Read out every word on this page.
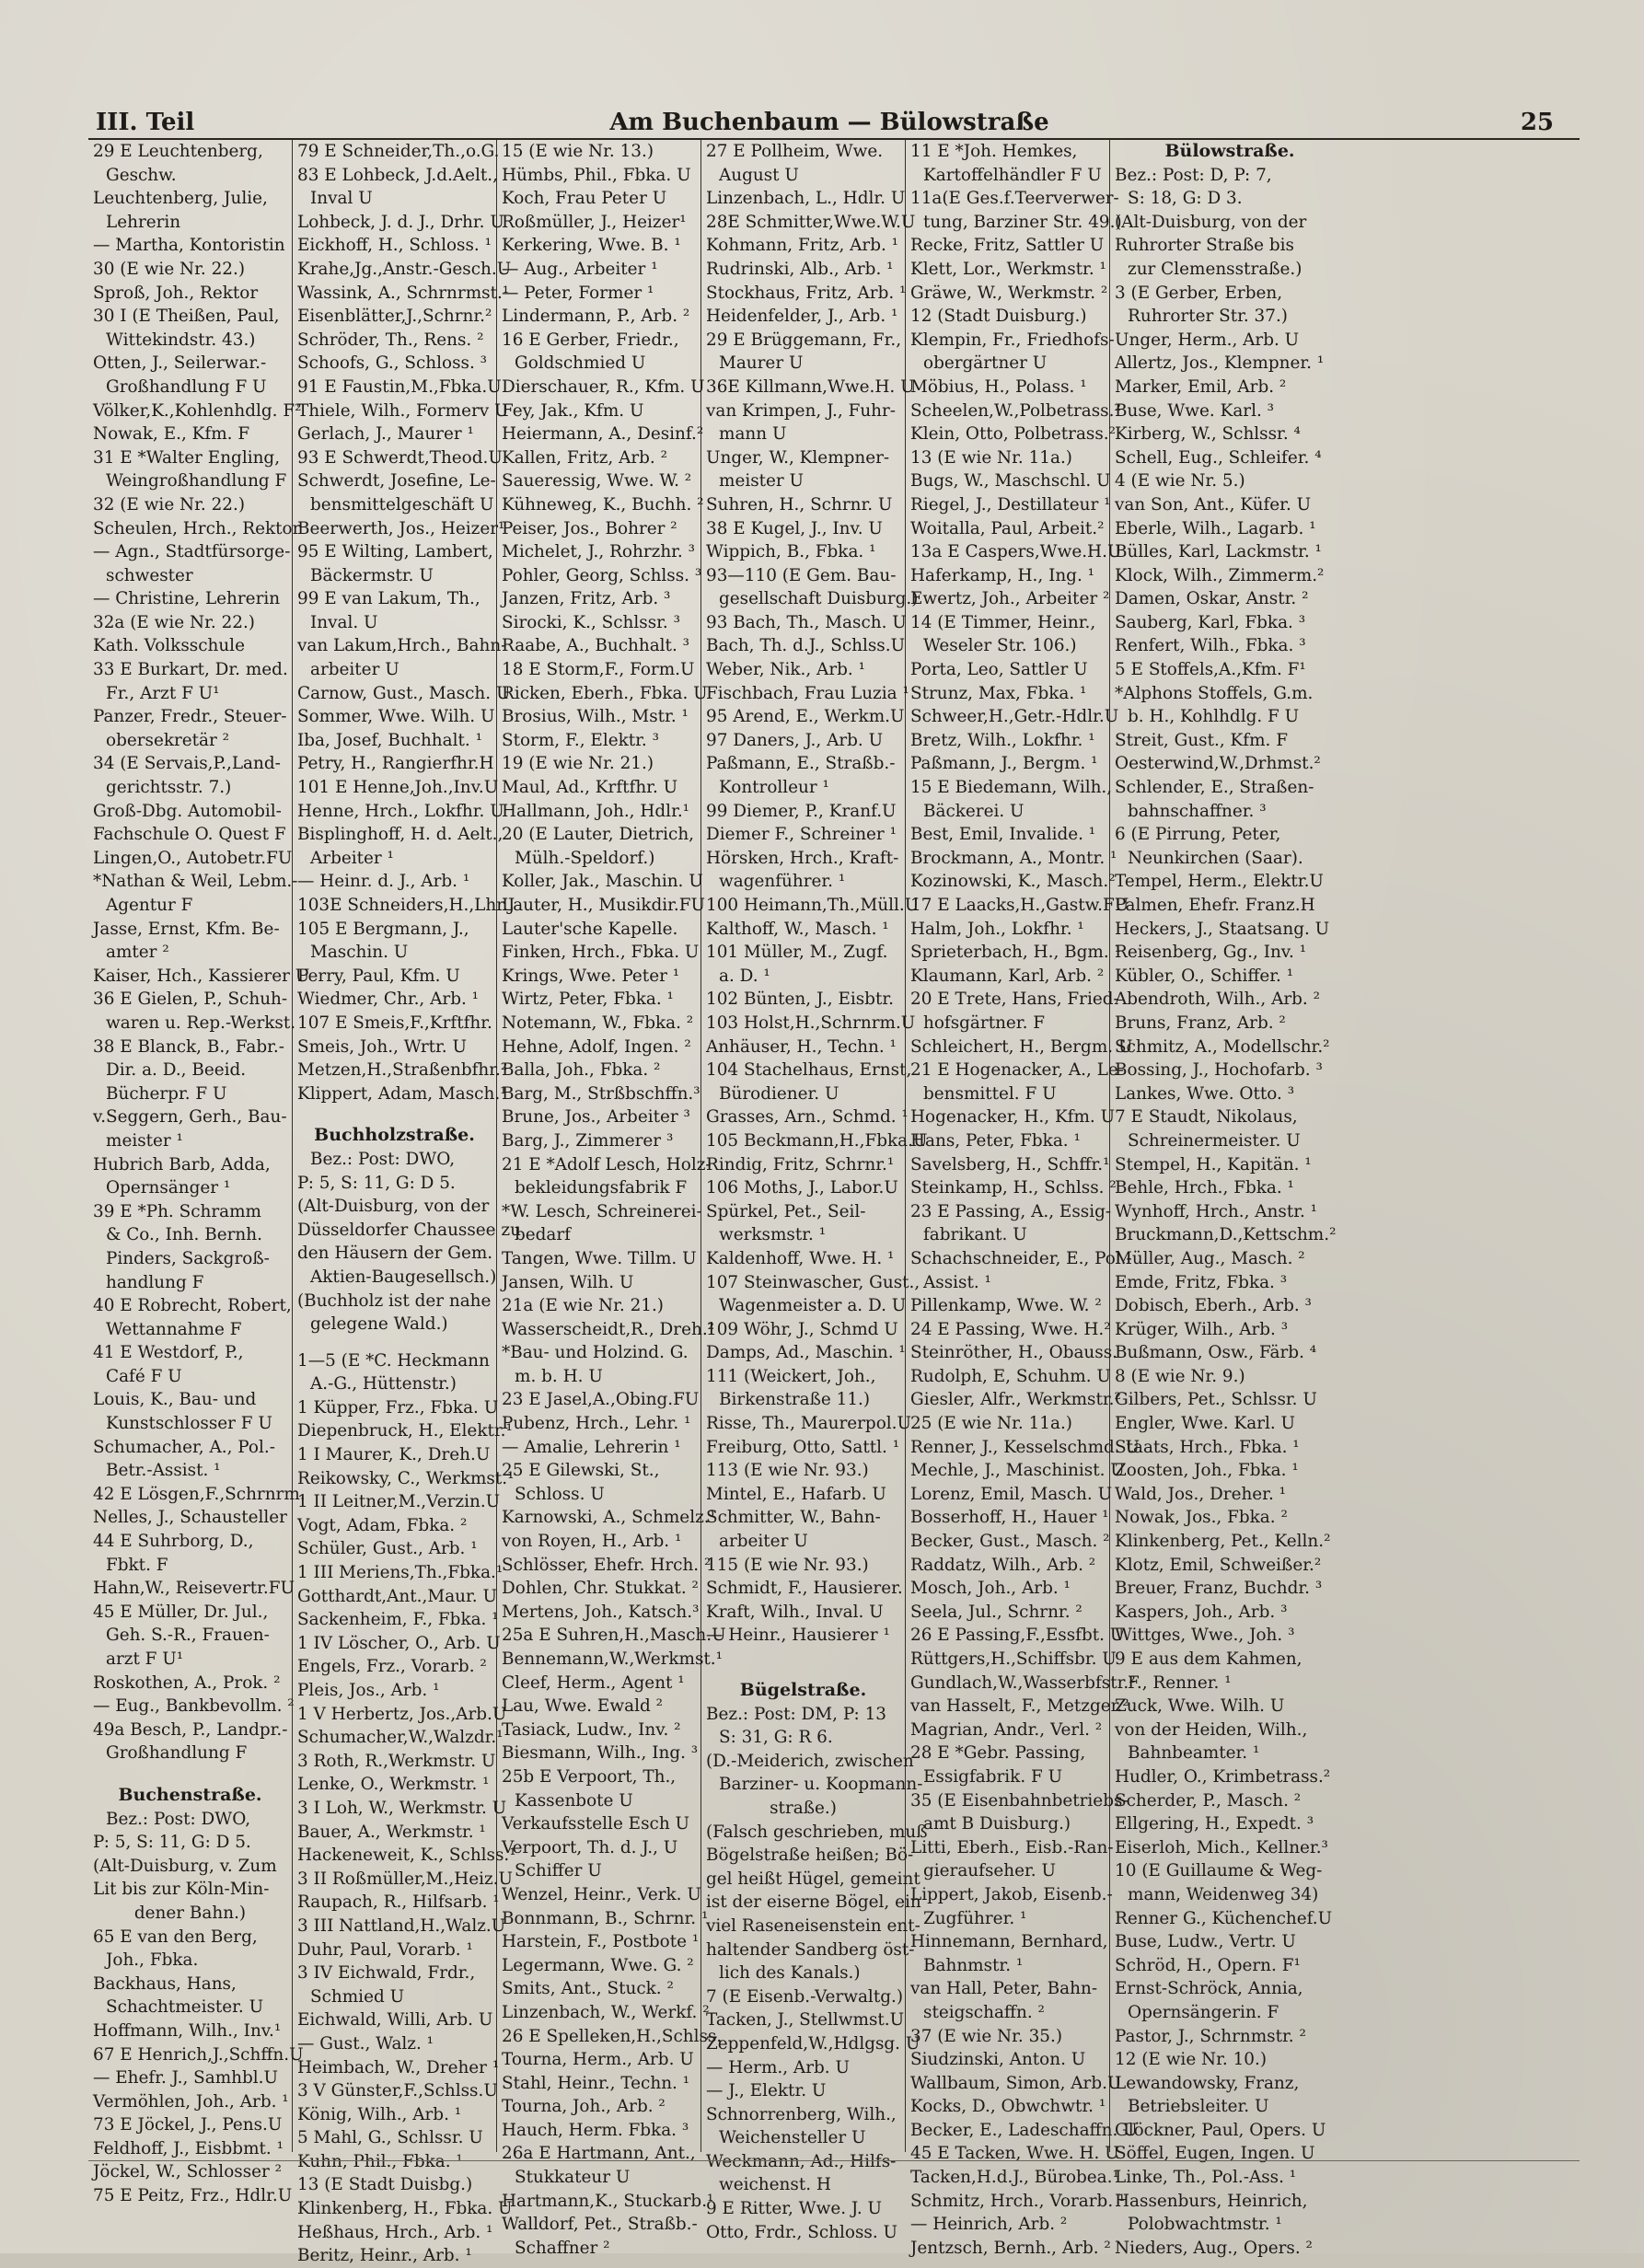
III. Teil	Am Buchenbaum — Bülowstraße	25
29 E Leuchtenberg,
Geschw.
Leuchtenberg, Julie,
Lehrerin
— Martha, Kontoristin
30 (E wie Nr. 22.)
Sproß, Joh., Rektor
30 I (E Theißen, Paul,
Wittekindstr. 43.)
Otten, J., Seilerwar.-
Großhandlung F U
Völker,K.,Kohlenhdlg. F²
Nowak, E., Kfm. F
31 E *Walter Engling,
Weingroßhandlung F
32 (E wie Nr. 22.)
Scheulen, Hrch., Rektor
— Agn., Stadtfürsorge-
schwester
— Christine, Lehrerin
32a (E wie Nr. 22.)
Kath. Volksschule
33 E Burkart, Dr. med.
Fr., Arzt F U¹
Panzer, Fredr., Steuer-
obersekretär ²
34 (E Servais,P.,Land-
gerichtsstr. 7.)
Groß-Dbg. Automobil-
Fachschule O. Quest F
Lingen,O., Autobetr.FU
*Nathan & Weil, Lebm.-
Agentur F
Jasse, Ernst, Kfm. Be-
amter ²
Kaiser, Hch., Kassierer U
36 E Gielen, P., Schuh-
waren u. Rep.-Werkst.
38 E Blanck, B., Fabr.-
Dir. a. D., Beeid.
Bücherpr. F U
v.Seggern, Gerh., Bau-
meister ¹
Hubrich Barb, Adda,
Opernsänger ¹
39 E *Ph. Schramm
& Co., Inh. Bernh.
Pinders, Sackgroß-
handlung F
40 E Robrecht, Robert,
Wettannahme F
41 E Westdorf, P.,
Café F U
Louis, K., Bau- und
Kunstschlosser F U
Schumacher, A., Pol.-
Betr.-Assist. ¹
42 E Lösgen,F.,Schrnrm.
Nelles, J., Schausteller
44 E Suhrborg, D.,
Fbkt. F
Hahn,W., Reisevertr.FU
45 E Müller, Dr. Jul.,
Geh. S.-R., Frauen-
arzt F U¹
Roskothen, A., Prok. ²
— Eug., Bankbevollm. ²
49a Besch, P., Landpr.-
Großhandlung F
Buchenstraße.
Bez.: Post: DWO,
P: 5, S: 11, G: D 5.
(Alt-Duisburg, v. Zum
Lit bis zur Köln-Min-
dener Bahn.)
65 E van den Berg,
Joh., Fbka.
Backhaus, Hans,
Schachtmeister. U
Hoffmann, Wilh., Inv.¹
67 E Henrich,J.,Schffn.U
— Ehefr. J., Samhbl.U
Vermöhlen, Joh., Arb. ¹
73 E Jöckel, J., Pens.U
Feldhoff, J., Eisbbmt. ¹
Jöckel, W., Schlosser ²
75 E Peitz, Frz., Hdlr.U
79 E Schneider,Th.,o.G.
83 E Lohbeck, J.d.Aelt.,
Inval U
Lohbeck, J. d. J., Drhr. U
Eickhoff, H., Schloss. ¹
Krahe,Jg.,Anstr.-Gesch.U
Wassink, A., Schrnrmst.¹
Eisenblätter,J.,Schrnr.²
Schröder, Th., Rens. ²
Schoofs, G., Schloss. ³
91 E Faustin,M.,Fbka.U
Thiele, Wilh., Formerv U
Gerlach, J., Maurer ¹
93 E Schwerdt,Theod.U
Schwerdt, Josefine, Le-
bensmittelgeschäft U
Beerwerth, Jos., Heizer¹
95 E Wilting, Lambert,
Bäckermstr. U
99 E van Lakum, Th.,
Inval. U
van Lakum,Hrch., Bahn-
arbeiter U
Carnow, Gust., Masch. U
Sommer, Wwe. Wilh. U
Iba, Josef, Buchhalt. ¹
Petry, H., Rangierfhr.H
101 E Henne,Joh.,Inv.U
Henne, Hrch., Lokfhr. U
Bisplinghoff, H. d. Aelt.,
Arbeiter ¹
— Heinr. d. J., Arb. ¹
103E Schneiders,H.,Lhr.J
105 E Bergmann, J.,
Maschin. U
Perry, Paul, Kfm. U
Wiedmer, Chr., Arb. ¹
107 E Smeis,F.,Krftfhr.
Smeis, Joh., Wrtr. U
Metzen,H.,Straßenbfhr.²
Klippert, Adam, Masch.¹
Buchholzstraße.
Bez.: Post: DWO,
P: 5, S: 11, G: D 5.
(Alt-Duisburg, von der
Düsseldorfer Chaussee zu
den Häusern der Gem.
Aktien-Baugesellsch.)
(Buchholz ist der nahe
gelegene Wald.)
1—5 (E *C. Heckmann
A.-G., Hüttenstr.)
1 Küpper, Frz., Fbka. U
Diepenbruck, H., Elektr.¹
1 I Maurer, K., Dreh.U
Reikowsky, C., Werkmst.¹
1 II Leitner,M.,Verzin.U
Vogt, Adam, Fbka. ²
Schüler, Gust., Arb. ¹
1 III Meriens,Th.,Fbka.¹
Gotthardt,Ant.,Maur. U
Sackenheim, F., Fbka. ¹
1 IV Löscher, O., Arb. U
Engels, Frz., Vorarb. ²
Pleis, Jos., Arb. ¹
1 V Herbertz, Jos.,Arb.U
Schumacher,W.,Walzdr.¹
3 Roth, R.,Werkmstr. U
Lenke, O., Werkmstr. ¹
3 I Loh, W., Werkmstr. U
Bauer, A., Werkmstr. ¹
Hackeneweit, K., Schlss.¹
3 II Roßmüller,M.,Heiz.U
Raupach, R., Hilfsarb. ¹
3 III Nattland,H.,Walz.U
Duhr, Paul, Vorarb. ¹
3 IV Eichwald, Frdr.,
Schmied U
Eichwald, Willi, Arb. U
— Gust., Walz. ¹
Heimbach, W., Dreher ¹
3 V Günster,F.,Schlss.U
König, Wilh., Arb. ¹
5 Mahl, G., Schlssr. U
Kuhn, Phil., Fbka. ¹
13 (E Stadt Duisbg.)
Klinkenberg, H., Fbka. U
Heßhaus, Hrch., Arb. ¹
Beritz, Heinr., Arb. ¹
15 (E wie Nr. 13.)
Hümbs, Phil., Fbka. U
Koch, Frau Peter U
Roßmüller, J., Heizer¹
Kerkering, Wwe. B. ¹
— Aug., Arbeiter ¹
— Peter, Former ¹
Lindermann, P., Arb. ²
16 E Gerber, Friedr.,
Goldschmied U
Dierschauer, R., Kfm. U
Fey, Jak., Kfm. U
Heiermann, A., Desinf.²
Kallen, Fritz, Arb. ²
Saueressig, Wwe. W. ²
Kühneweg, K., Buchh. ²
Peiser, Jos., Bohrer ²
Michelet, J., Rohrzhr. ³
Pohler, Georg, Schlss. ³
Janzen, Fritz, Arb. ³
Sirocki, K., Schlssr. ³
Raabe, A., Buchhalt. ³
18 E Storm,F., Form.U
Ricken, Eberh., Fbka. U
Brosius, Wilh., Mstr. ¹
Storm, F., Elektr. ³
19 (E wie Nr. 21.)
Maul, Ad., Krftfhr. U
Hallmann, Joh., Hdlr.¹
20 (E Lauter, Dietrich,
Mülh.-Speldorf.)
Koller, Jak., Maschin. U
Lauter, H., Musikdir.FU
Lauter'sche Kapelle.
Finken, Hrch., Fbka. U
Krings, Wwe. Peter ¹
Wirtz, Peter, Fbka. ¹
Notemann, W., Fbka. ²
Hehne, Adolf, Ingen. ²
Balla, Joh., Fbka. ²
Barg, M., Strßbschffn.³
Brune, Jos., Arbeiter ³
Barg, J., Zimmerer ³
21 E *Adolf Lesch, Holz-
bekleidungsfabrik F
*W. Lesch, Schreinerei-
bedarf
Tangen, Wwe. Tillm. U
Jansen, Wilh. U
21a (E wie Nr. 21.)
Wasserscheidt,R., Dreh.²
*Bau- und Holzind. G.
m. b. H. U
23 E Jasel,A.,Obing.FU
Pubenz, Hrch., Lehr. ¹
— Amalie, Lehrerin ¹
25 E Gilewski, St.,
Schloss. U
Karnowski, A., Schmelz.¹
von Royen, H., Arb. ¹
Schlösser, Ehefr. Hrch. ²
Dohlen, Chr. Stukkat. ²
Mertens, Joh., Katsch.³
25a E Suhren,H.,Masch.U
Bennemann,W.,Werkmst.¹
Cleef, Herm., Agent ¹
Lau, Wwe. Ewald ²
Tasiack, Ludw., Inv. ²
Biesmann, Wilh., Ing. ³
25b E Verpoort, Th.,
Kassenbote U
Verkaufsstelle Esch U
Verpoort, Th. d. J., U
Schiffer U
Wenzel, Heinr., Verk. U
Bonnmann, B., Schrnr. ¹
Harstein, F., Postbote ¹
Legermann, Wwe. G. ²
Smits, Ant., Stuck. ²
Linzenbach, W., Werkf. ²
26 E Spelleken,H.,Schlss.
Tourna, Herm., Arb. U
Stahl, Heinr., Techn. ¹
Tourna, Joh., Arb. ²
Hauch, Herm. Fbka. ³
26a E Hartmann, Ant.,
Stukkateur U
Hartmann,K., Stuckarb.¹
Walldorf, Pet., Straßb.-
Schaffner ²
27 E Pollheim, Wwe.
August U
Linzenbach, L., Hdlr. U
28E Schmitter,Wwe.W.U
Kohmann, Fritz, Arb. ¹
Rudrinski, Alb., Arb. ¹
Stockhaus, Fritz, Arb. ¹
Heidenfelder, J., Arb. ¹
29 E Brüggemann, Fr.,
Maurer U
36E Killmann,Wwe.H. U
van Krimpen, J., Fuhr-
mann U
Unger, W., Klempner-
meister U
Suhren, H., Schrnr. U
38 E Kugel, J., Inv. U
Wippich, B., Fbka. ¹
93—110 (E Gem. Bau-
gesellschaft Duisburg.)
93 Bach, Th., Masch. U
Bach, Th. d.J., Schlss.U
Weber, Nik., Arb. ¹
Fischbach, Frau Luzia ¹
95 Arend, E., Werkm.U
97 Daners, J., Arb. U
Paßmann, E., Straßb.-
Kontrolleur ¹
99 Diemer, P., Kranf.U
Diemer F., Schreiner ¹
Hörsken, Hrch., Kraft-
wagenführer. ¹
100 Heimann,Th.,Müll.U
Kalthoff, W., Masch. ¹
101 Müller, M., Zugf.
a. D. ¹
102 Bünten, J., Eisbtr.
103 Holst,H.,Schrnrm.U
Anhäuser, H., Techn. ¹
104 Stachelhaus, Ernst,
Bürodiener. U
Grasses, Arn., Schmd. ¹
105 Beckmann,H.,Fbka.U
Rindig, Fritz, Schrnr.¹
106 Moths, J., Labor.U
Spürkel, Pet., Seil-
werksmstr. ¹
Kaldenhoff, Wwe. H. ¹
107 Steinwascher, Gust.,
Wagenmeister a. D. U
109 Wöhr, J., Schmd U
Damps, Ad., Maschin. ¹
111 (Weickert, Joh.,
Birkenstraße 11.)
Risse, Th., Maurerpol.U
Freiburg, Otto, Sattl. ¹
113 (E wie Nr. 93.)
Mintel, E., Hafarb. U
Schmitter, W., Bahn-
arbeiter U
115 (E wie Nr. 93.)
Schmidt, F., Hausierer.
Kraft, Wilh., Inval. U
— Heinr., Hausierer ¹
Bügelstraße.
Bez.: Post: DM, P: 13
S: 31, G: R 6.
(D.-Meiderich, zwischen
Barziner- u. Koopmann-
straße.)
(Falsch geschrieben, muß
Bögelstraße heißen; Bö-
gel heißt Hügel, gemeint
ist der eiserne Bögel, ein
viel Raseneisenstein ent-
haltender Sandberg öst-
lich des Kanals.)
7 (E Eisenb.-Verwaltg.)
Tacken, J., Stellwmst.U
Zeppenfeld,W.,Hdlgsg. U
— Herm., Arb. U
— J., Elektr. U
Schnorrenberg, Wilh.,
Weichensteller U
Weckmann, Ad., Hilfs-
weichenst. H
9 E Ritter, Wwe. J. U
Otto, Frdr., Schloss. U
11 E *Joh. Hemkes,
Kartoffelhändler F U
11a(E Ges.f.Teerverwer-
tung, Barziner Str. 49.)
Recke, Fritz, Sattler U
Klett, Lor., Werkmstr. ¹
Gräwe, W., Werkmstr. ²
12 (Stadt Duisburg.)
Klempin, Fr., Friedhofs-
obergärtner U
Möbius, H., Polass. ¹
Scheelen,W.,Polbetrass.²
Klein, Otto, Polbetrass.²
13 (E wie Nr. 11a.)
Bugs, W., Maschschl. U
Riegel, J., Destillateur ¹
Woitalla, Paul, Arbeit.²
13a E Caspers,Wwe.H.U
Haferkamp, H., Ing. ¹
Ewertz, Joh., Arbeiter ²
14 (E Timmer, Heinr.,
Weseler Str. 106.)
Porta, Leo, Sattler U
Strunz, Max, Fbka. ¹
Schweer,H.,Getr.-Hdlr.U
Bretz, Wilh., Lokfhr. ¹
Paßmann, J., Bergm. ¹
15 E Biedemann, Wilh.,
Bäckerei. U
Best, Emil, Invalide. ¹
Brockmann, A., Montr. ¹
Kozinowski, K., Masch.²
17 E Laacks,H.,Gastw.FU
Halm, Joh., Lokfhr. ¹
Sprieterbach, H., Bgm. ¹
Klaumann, Karl, Arb. ²
20 E Trete, Hans, Fried-
hofsgärtner. F
Schleichert, H., Bergm. U
21 E Hogenacker, A., Le-
bensmittel. F U
Hogenacker, H., Kfm. U
Hans, Peter, Fbka. ¹
Savelsberg, H., Schffr.¹
Steinkamp, H., Schlss. ²
23 E Passing, A., Essig-
fabrikant. U
Schachschneider, E., Pol.-
Assist. ¹
Pillenkamp, Wwe. W. ²
24 E Passing, Wwe. H.²
Steinröther, H., Obauss.
Rudolph, E, Schuhm. U
Giesler, Alfr., Werkmstr.²
25 (E wie Nr. 11a.)
Renner, J., Kesselschmd. U
Mechle, J., Maschinist. U
Lorenz, Emil, Masch. U
Bosserhoff, H., Hauer ¹
Becker, Gust., Masch. ²
Raddatz, Wilh., Arb. ²
Mosch, Joh., Arb. ¹
Seela, Jul., Schrnr. ²
26 E Passing,F.,Essfbt. U
Rüttgers,H.,Schiffsbr. U
Gundlach,W.,Wasserbfstr.²
van Hasselt, F., Metzger.²
Magrian, Andr., Verl. ²
28 E *Gebr. Passing,
Essigfabrik. F U
35 (E Eisenbahnbetriebs-
amt B Duisburg.)
Litti, Eberh., Eisb.-Ran-
gieraufseher. U
Lippert, Jakob, Eisenb.-
Zugführer. ¹
Hinnemann, Bernhard,
Bahnmstr. ¹
van Hall, Peter, Bahn-
steigschaffn. ²
37 (E wie Nr. 35.)
Siudzinski, Anton. U
Wallbaum, Simon, Arb.U
Kocks, D., Obwchwtr. ¹
Becker, E., Ladeschaffn. U
45 E Tacken, Wwe. H. U
Tacken,H.d.J., Bürobea.¹
Schmitz, Hrch., Vorarb. ¹
— Heinrich, Arb. ²
Jentzsch, Bernh., Arb. ²
Bülowstraße.
Bez.: Post: D, P: 7,
S: 18, G: D 3.
(Alt-Duisburg, von der
Ruhrorter Straße bis
zur Clemensstraße.)
3 (E Gerber, Erben,
Ruhrorter Str. 37.)
Unger, Herm., Arb. U
Allertz, Jos., Klempner. ¹
Marker, Emil, Arb. ²
Buse, Wwe. Karl. ³
Kirberg, W., Schlssr. ⁴
Schell, Eug., Schleifer. ⁴
4 (E wie Nr. 5.)
van Son, Ant., Küfer. U
Eberle, Wilh., Lagarb. ¹
Bülles, Karl, Lackmstr. ¹
Klock, Wilh., Zimmerm.²
Damen, Oskar, Anstr. ²
Sauberg, Karl, Fbka. ³
Renfert, Wilh., Fbka. ³
5 E Stoffels,A.,Kfm. F¹
*Alphons Stoffels, G.m.
b. H., Kohlhdlg. F U
Streit, Gust., Kfm. F
Oesterwind,W.,Drhmst.²
Schlender, E., Straßen-
bahnschaffner. ³
6 (E Pirrung, Peter,
Neunkirchen (Saar).
Tempel, Herm., Elektr.U
Palmen, Ehefr. Franz.H
Heckers, J., Staatsang. U
Reisenberg, Gg., Inv. ¹
Kübler, O., Schiffer. ¹
Abendroth, Wilh., Arb. ²
Bruns, Franz, Arb. ²
Schmitz, A., Modellschr.²
Bossing, J., Hochofarb. ³
Lankes, Wwe. Otto. ³
7 E Staudt, Nikolaus,
Schreinermeister. U
Stempel, H., Kapitän. ¹
Behle, Hrch., Fbka. ¹
Wynhoff, Hrch., Anstr. ¹
Bruckmann,D.,Kettschm.²
Müller, Aug., Masch. ²
Emde, Fritz, Fbka. ³
Dobisch, Eberh., Arb. ³
Krüger, Wilh., Arb. ³
Bußmann, Osw., Färb. ⁴
8 (E wie Nr. 9.)
Gilbers, Pet., Schlssr. U
Engler, Wwe. Karl. U
Staats, Hrch., Fbka. ¹
Zoosten, Joh., Fbka. ¹
Wald, Jos., Dreher. ¹
Nowak, Jos., Fbka. ²
Klinkenberg, Pet., Kelln.²
Klotz, Emil, Schweißer.²
Breuer, Franz, Buchdr. ³
Kaspers, Joh., Arb. ³
Wittges, Wwe., Joh. ³
9 E aus dem Kahmen,
F., Renner. ¹
Zuck, Wwe. Wilh. U
von der Heiden, Wilh.,
Bahnbeamter. ¹
Hudler, O., Krimbetrass.²
Scherder, P., Masch. ²
Ellgering, H., Expedt. ³
Eiserloh, Mich., Kellner.³
10 (E Guillaume & Weg-
mann, Weidenweg 34)
Renner G., Küchenchef.U
Buse, Ludw., Vertr. U
Schröd, H., Opern. F¹
Ernst-Schröck, Annia,
Opernsängerin. F
Pastor, J., Schrnmstr. ²
12 (E wie Nr. 10.)
Lewandowsky, Franz,
Betriebsleiter. U
Glöckner, Paul, Opers. U
Söffel, Eugen, Ingen. U
Linke, Th., Pol.-Ass. ¹
Hassenburs, Heinrich,
Polobwachtmstr. ¹
Nieders, Aug., Opers. ²
